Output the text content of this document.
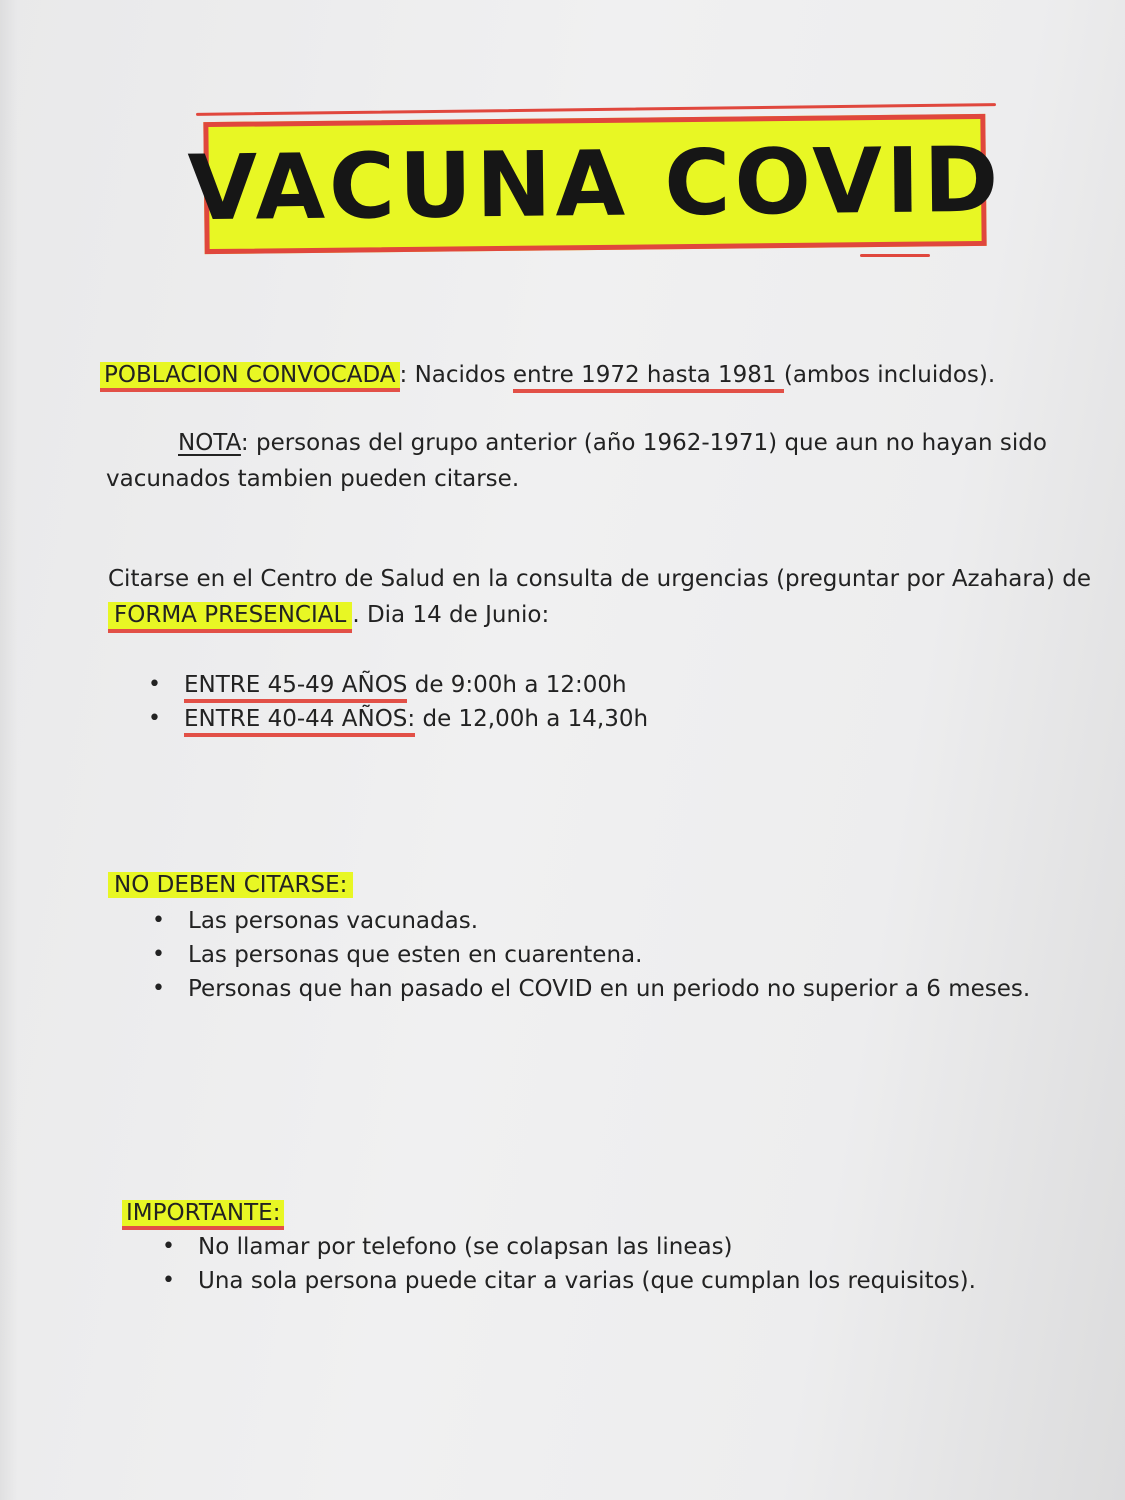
VACUNA COVID
POBLACION CONVOCADA : Nacidos entre 1972 hasta 1981 (ambos incluidos).
NOTA: personas del grupo anterior (año 1962-1971) que aun no hayan sido
vacunados tambien pueden citarse.
Citarse en el Centro de Salud en la consulta de urgencias (preguntar por Azahara) de
FORMA PRESENCIAL . Dia 14 de Junio:
• ENTRE 45-49 AÑOS de 9:00h a 12:00h
• ENTRE 40-44 AÑOS: de 12,00h a 14,30h
NO DEBEN CITARSE:
• Las personas vacunadas.
• Las personas que esten en cuarentena.
• Personas que han pasado el COVID en un periodo no superior a 6 meses.
IMPORTANTE:
• No llamar por telefono (se colapsan las lineas)
• Una sola persona puede citar a varias (que cumplan los requisitos).
